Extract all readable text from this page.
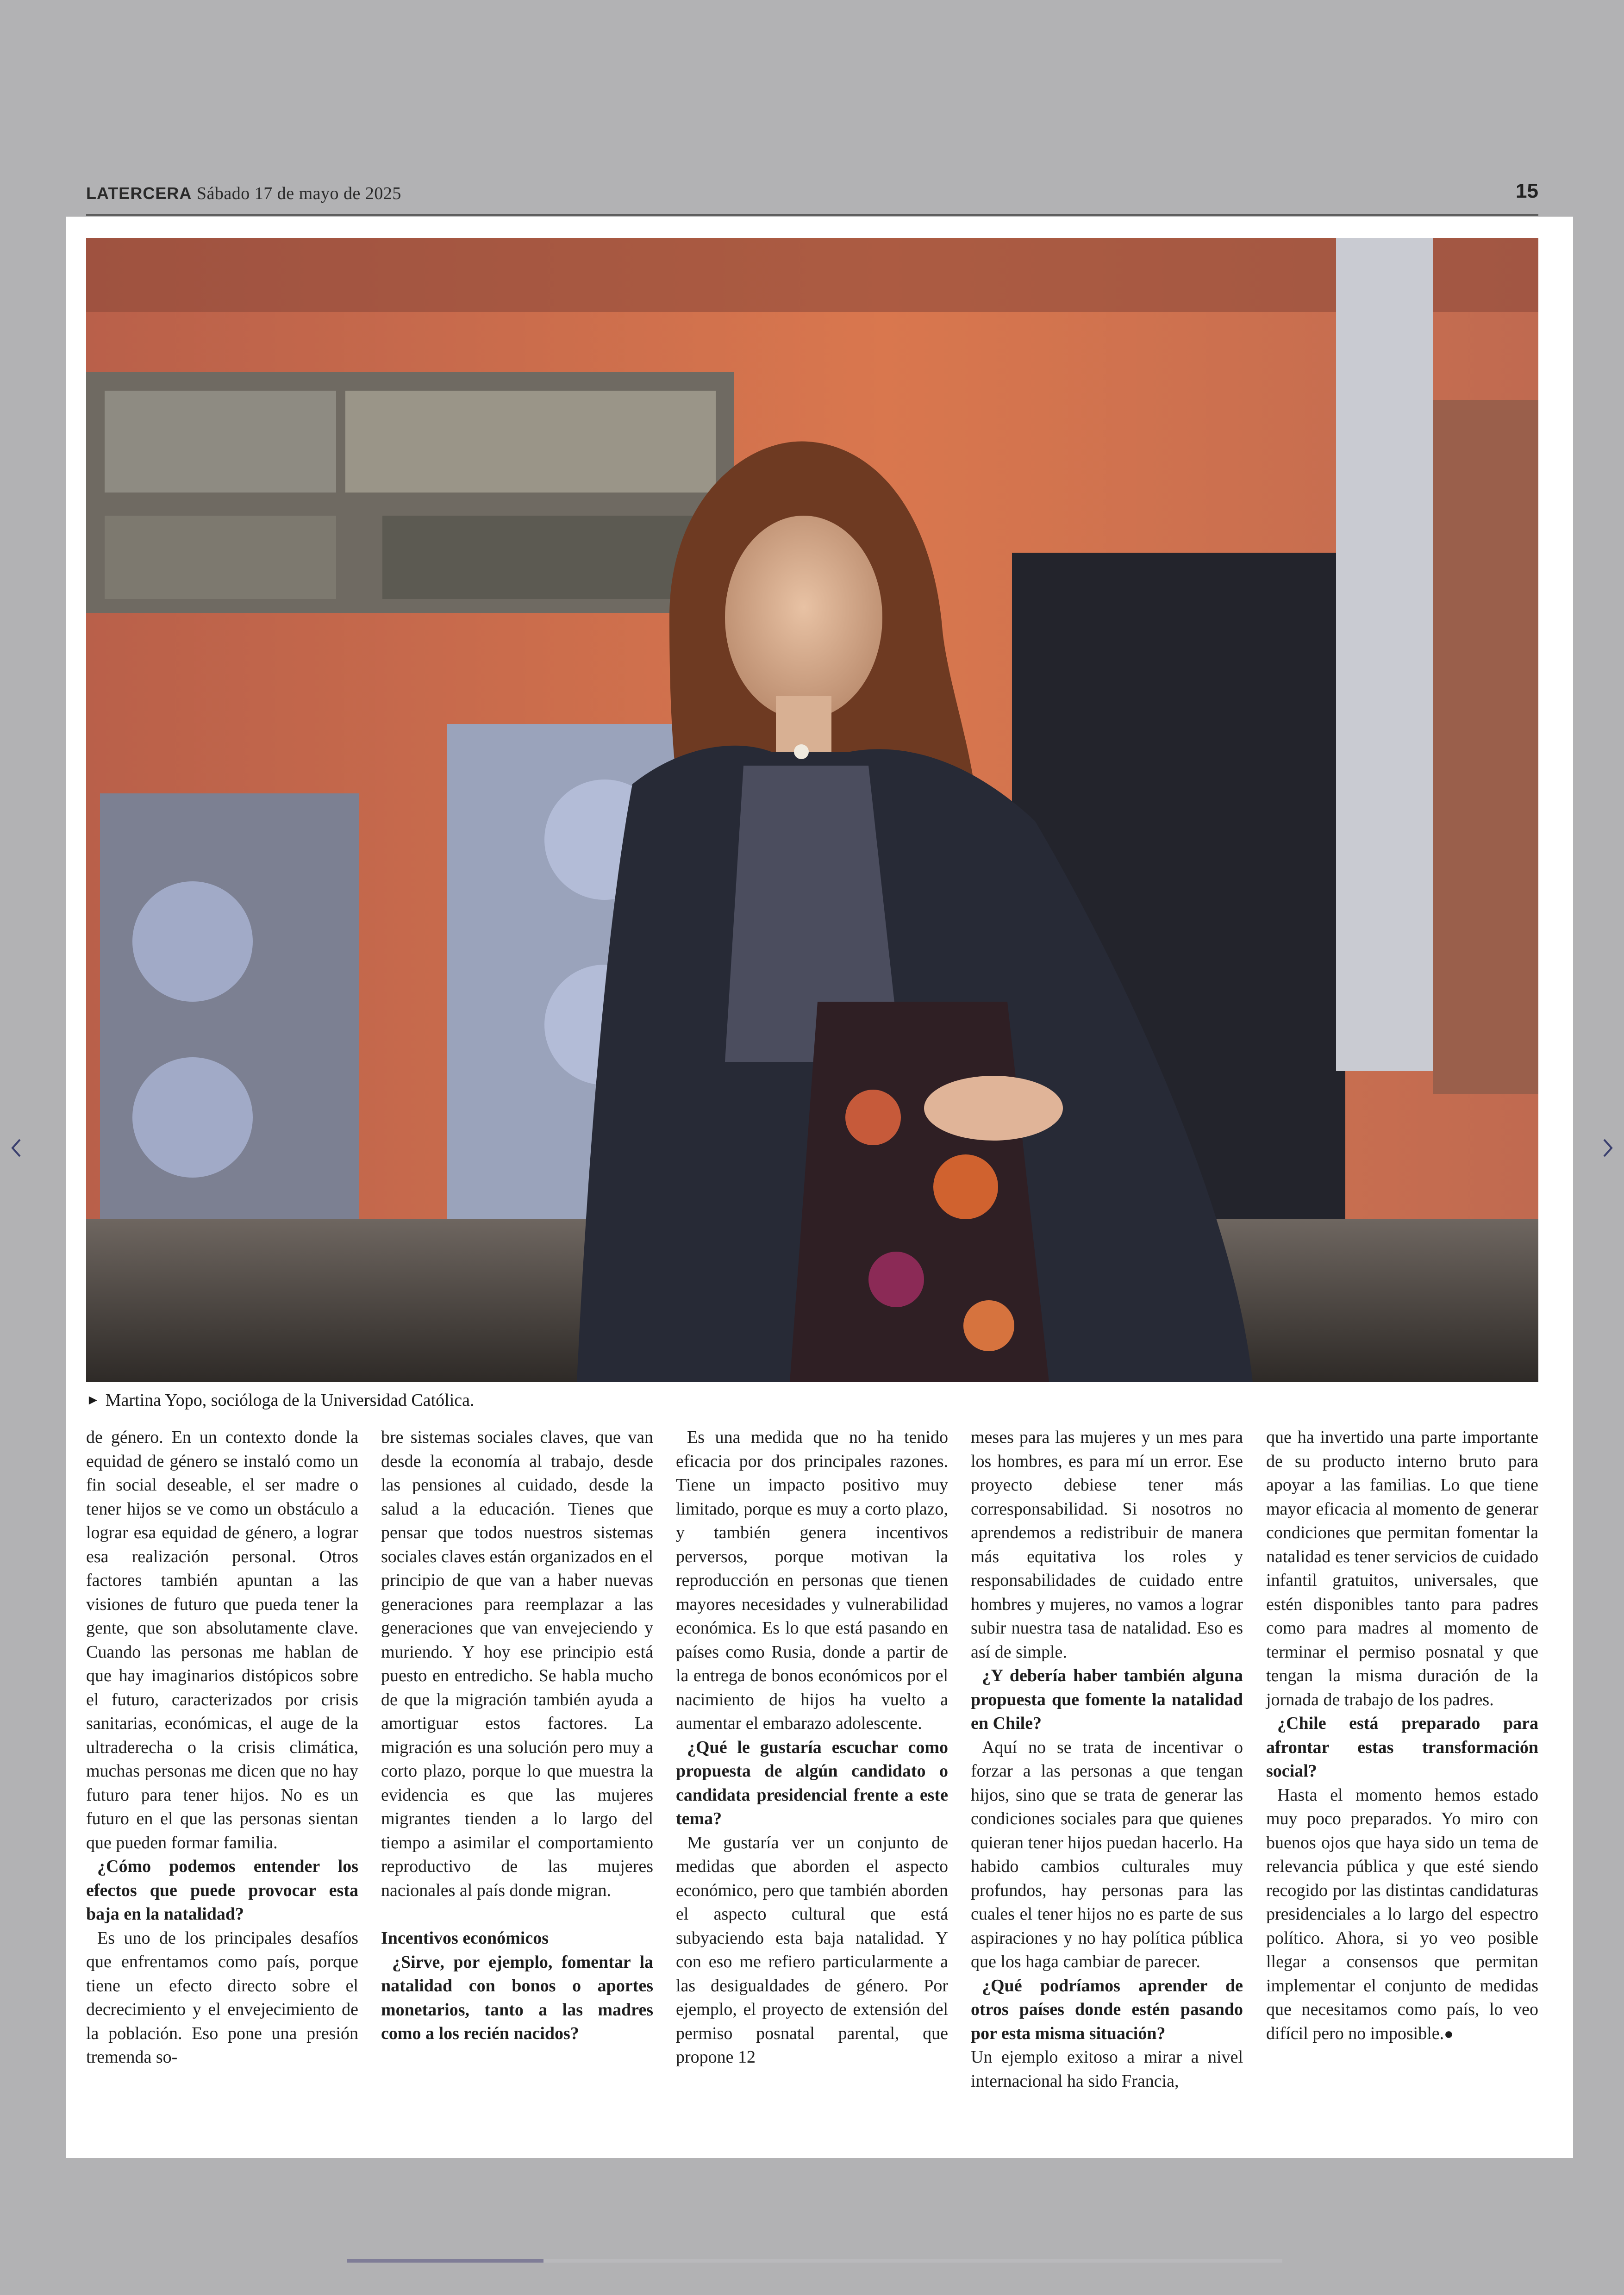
LATERCERA Sábado 17 de mayo de 2025	15
► Martina Yopo, socióloga de la Universidad Católica.

de género. En un contexto donde la equidad de género se instaló como un fin social deseable, el ser madre o tener hijos se ve como un obstáculo a lograr esa equidad de género, a lograr esa realización personal. Otros factores también apuntan a las visiones de futuro que pueda tener la gente, que son absolutamente clave. Cuando las personas me hablan de que hay imaginarios distópicos sobre el futuro, caracterizados por crisis sanitarias, económicas, el auge de la ultraderecha o la crisis climática, muchas personas me dicen que no hay futuro para tener hijos. No es un futuro en el que las personas sientan que pueden formar familia.

¿Cómo podemos entender los efectos que puede provocar esta baja en la natalidad?

Es uno de los principales desafíos que enfrentamos como país, porque tiene un efecto directo sobre el decrecimiento y el envejecimiento de la población. Eso pone una presión tremenda so-

bre sistemas sociales claves, que van desde la economía al trabajo, desde las pensiones al cuidado, desde la salud a la educación. Tienes que pensar que todos nuestros sistemas sociales claves están organizados en el principio de que van a haber nuevas generaciones para reemplazar a las generaciones que van envejeciendo y muriendo. Y hoy ese principio está puesto en entredicho. Se habla mucho de que la migración también ayuda a amortiguar estos factores. La migración es una solución pero muy a corto plazo, porque lo que muestra la evidencia es que las mujeres migrantes tienden a lo largo del tiempo a asimilar el comportamiento reproductivo de las mujeres nacionales al país donde migran.

Incentivos económicos

¿Sirve, por ejemplo, fomentar la natalidad con bonos o aportes monetarios, tanto a las madres como a los recién nacidos?

Es una medida que no ha tenido eficacia por dos principales razones. Tiene un impacto positivo muy limitado, porque es muy a corto plazo, y también genera incentivos perversos, porque motivan la reproducción en personas que tienen mayores necesidades y vulnerabilidad económica. Es lo que está pasando en países como Rusia, donde a partir de la entrega de bonos económicos por el nacimiento de hijos ha vuelto a aumentar el embarazo adolescente.

¿Qué le gustaría escuchar como propuesta de algún candidato o candidata presidencial frente a este tema?

Me gustaría ver un conjunto de medidas que aborden el aspecto económico, pero que también aborden el aspecto cultural que está subyaciendo esta baja natalidad. Y con eso me refiero particularmente a las desigualdades de género. Por ejemplo, el proyecto de extensión del permiso posnatal parental, que propone 12

meses para las mujeres y un mes para los hombres, es para mí un error. Ese proyecto debiese tener más corresponsabilidad. Si nosotros no aprendemos a redistribuir de manera más equitativa los roles y responsabilidades de cuidado entre hombres y mujeres, no vamos a lograr subir nuestra tasa de natalidad. Eso es así de simple.

¿Y debería haber también alguna propuesta que fomente la natalidad en Chile?

Aquí no se trata de incentivar o forzar a las personas a que tengan hijos, sino que se trata de generar las condiciones sociales para que quienes quieran tener hijos puedan hacerlo. Ha habido cambios culturales muy profundos, hay personas para las cuales el tener hijos no es parte de sus aspiraciones y no hay política pública que los haga cambiar de parecer.

¿Qué podríamos aprender de otros países donde estén pasando por esta misma situación?

Un ejemplo exitoso a mirar a nivel internacional ha sido Francia,

que ha invertido una parte importante de su producto interno bruto para apoyar a las familias. Lo que tiene mayor eficacia al momento de generar condiciones que permitan fomentar la natalidad es tener servicios de cuidado infantil gratuitos, universales, que estén disponibles tanto para padres como para madres al momento de terminar el permiso posnatal y que tengan la misma duración de la jornada de trabajo de los padres.

¿Chile está preparado para afrontar estas transformación social?

Hasta el momento hemos estado muy poco preparados. Yo miro con buenos ojos que haya sido un tema de relevancia pública y que esté siendo recogido por las distintas candidaturas presidenciales a lo largo del espectro político. Ahora, si yo veo posible llegar a consensos que permitan implementar el conjunto de medidas que necesitamos como país, lo veo difícil pero no imposible.●
